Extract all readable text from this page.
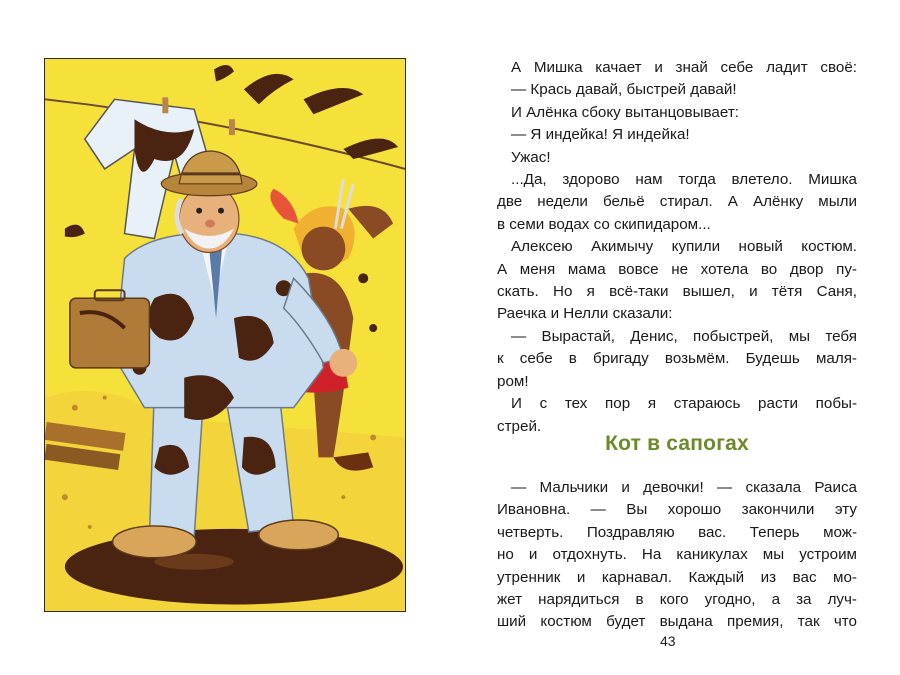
А Мишка качает и знай себе ладит своё:

— Крась давай, быстрей давай!

И Алёнка сбоку вытанцовывает:

— Я индейка! Я индейка!

Ужас!

...Да, здорово нам тогда влетело. Мишка

две недели бельё стирал. А Алёнку мыли

в семи водах со скипидаром...

Алексею Акимычу купили новый костюм.

А меня мама вовсе не хотела во двор пу-

скать. Но я всё-таки вышел, и тётя Саня,

Раечка и Нелли сказали:

— Вырастай, Денис, побыстрей, мы тебя

к себе в бригаду возьмём. Будешь маля-

ром!

И с тех пор я стараюсь расти побы-

стрей.

Кот в сапогах

— Мальчики и девочки! — сказала Раиса

Ивановна. — Вы хорошо закончили эту

четверть. Поздравляю вас. Теперь мож-

но и отдохнуть. На каникулах мы устроим

утренник и карнавал. Каждый из вас мо-

жет нарядиться в кого угодно, а за луч-

ший костюм будет выдана премия, так что

43
